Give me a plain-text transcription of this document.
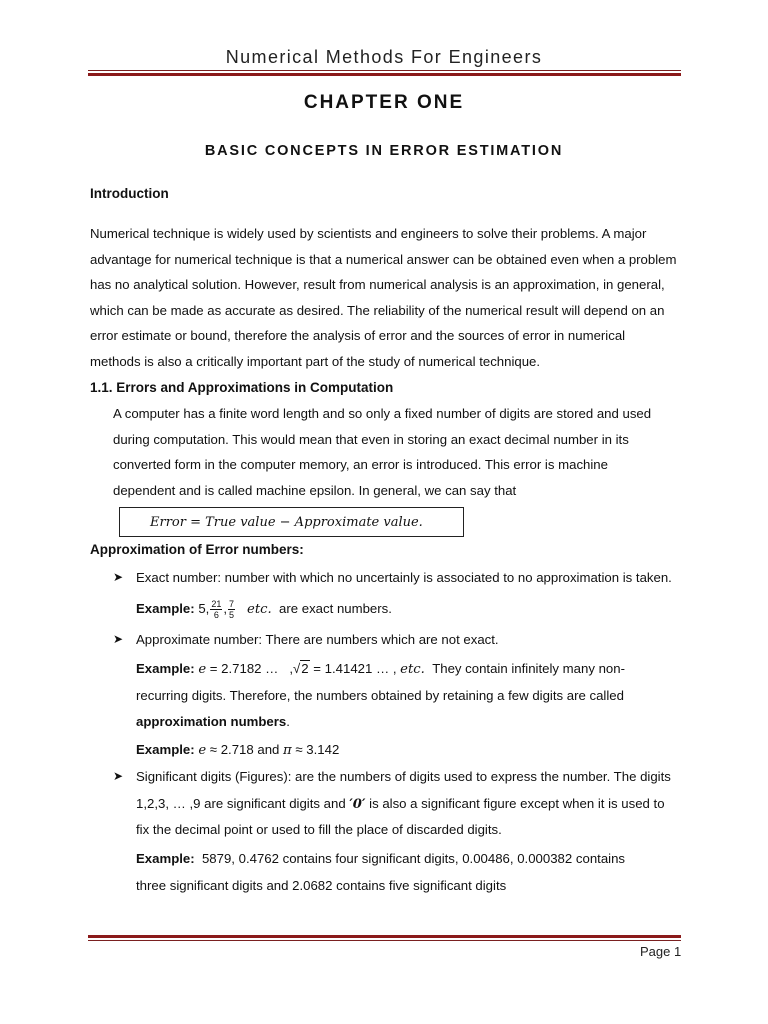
Numerical Methods For Engineers
CHAPTER ONE
BASIC CONCEPTS IN ERROR ESTIMATION
Introduction
Numerical technique is widely used by scientists and engineers to solve their problems. A major
advantage for numerical technique is that a numerical answer can be obtained even when a problem
has no analytical solution. However, result from numerical analysis is an approximation, in general,
which can be made as accurate as desired. The reliability of the numerical result will depend on an
error estimate or bound, therefore the analysis of error and the sources of error in numerical
methods is also a critically important part of the study of numerical technique.
1.1. Errors and Approximations in Computation
A computer has a finite word length and so only a fixed number of digits are stored and used
during computation. This would mean that even in storing an exact decimal number in its
converted form in the computer memory, an error is introduced. This error is machine
dependent and is called machine epsilon. In general, we can say that
Error = True value − Approximate value.
Approximation of Error numbers:
➤ Exact number: number with which no uncertainly is associated to no approximation is taken.

Example: 5, $\frac{21}{6}$ , $\frac{7}{5}$ etc. are exact numbers.

➤ Approximate number: There are numbers which are not exact.

Example: e = 2.7182 …   ,√2 = 1.41421 … , etc. They contain infinitely many non-

recurring digits. Therefore, the numbers obtained by retaining a few digits are called

approximation numbers.

Example: e ≈ 2.718 and π ≈ 3.142

➤ Significant digits (Figures): are the numbers of digits used to express the number. The digits

1,2,3, … ,9 are significant digits and ′0′ is also a significant figure except when it is used to

fix the decimal point or used to fill the place of discarded digits.

Example: 5879, 0.4762 contains four significant digits, 0.00486, 0.000382 contains

three significant digits and 2.0682 contains five significant digits

Page 1
